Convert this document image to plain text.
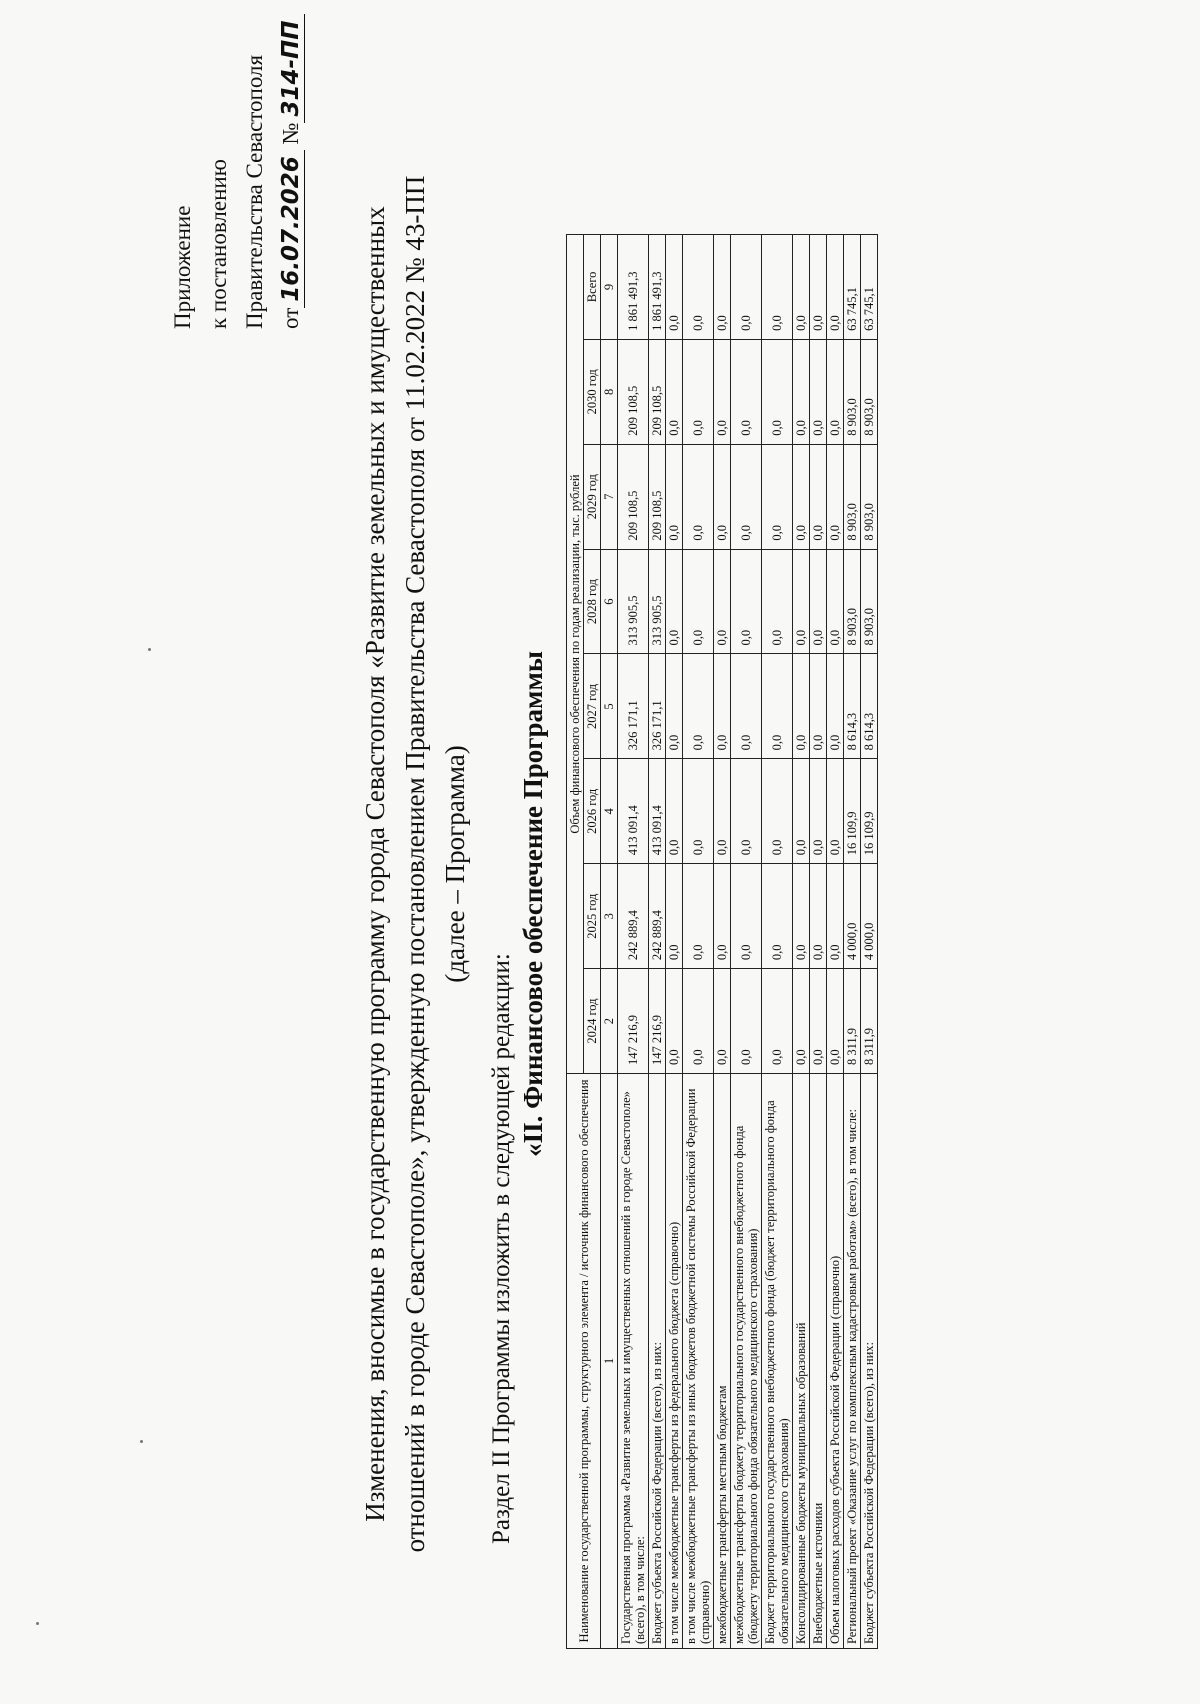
Приложение к постановлению Правительства Севастополя от16.07.2026 №314-ПП
Изменения, вносимые в государственную программу города Севастополя «Развитие земельных и имущественных отношений в городе Севастополе», утвержденную постановлением Правительства Севастополя от 11.02.2022 № 43-ПП (далее – Программа)
Раздел II Программы изложить в следующей редакции:
«II. Финансовое обеспечение Программы
Наименование государственной программы, структурного элемента / источник финансового обеспечения	Объем финансового обеспечения по годам реализации, тыс. рублей							
	2024 год	2025 год	2026 год	2027 год	2028 год	2029 год	2030 год	Всего
1	2	3	4	5	6	7	8	9
Государственная программа «Развитие земельных и имущественных отношений в городе Севастополе» (всего), в том числе:	147 216,9	242 889,4	413 091,4	326 171,1	313 905,5	209 108,5	209 108,5	1 861 491,3
Бюджет субъекта Российской Федерации (всего), из них:	147 216,9	242 889,4	413 091,4	326 171,1	313 905,5	209 108,5	209 108,5	1 861 491,3
в том числе межбюджетные трансферты из федерального бюджета (справочно)	0,0	0,0	0,0	0,0	0,0	0,0	0,0	0,0
в том числе межбюджетные трансферты из иных бюджетов бюджетной системы Российской Федерации (справочно)	0,0	0,0	0,0	0,0	0,0	0,0	0,0	0,0
межбюджетные трансферты местным бюджетам	0,0	0,0	0,0	0,0	0,0	0,0	0,0	0,0
межбюджетные трансферты бюджету территориального государственного внебюджетного фонда (бюджету территориального фонда обязательного медицинского страхования)	0,0	0,0	0,0	0,0	0,0	0,0	0,0	0,0
Бюджет территориального государственного внебюджетного фонда (бюджет территориального фонда обязательного медицинского страхования)	0,0	0,0	0,0	0,0	0,0	0,0	0,0	0,0
Консолидированные бюджеты муниципальных образований	0,0	0,0	0,0	0,0	0,0	0,0	0,0	0,0
Внебюджетные источники	0,0	0,0	0,0	0,0	0,0	0,0	0,0	0,0
Объем налоговых расходов субъекта Российской Федерации (справочно)	0,0	0,0	0,0	0,0	0,0	0,0	0,0	0,0
Региональный проект «Оказание услуг по комплексным кадастровым работам» (всего), в том числе:	8 311,9	4 000,0	16 109,9	8 614,3	8 903,0	8 903,0	8 903,0	63 745,1
Бюджет субъекта Российской Федерации (всего), из них:	8 311,9	4 000,0	16 109,9	8 614,3	8 903,0	8 903,0	8 903,0	63 745,1
